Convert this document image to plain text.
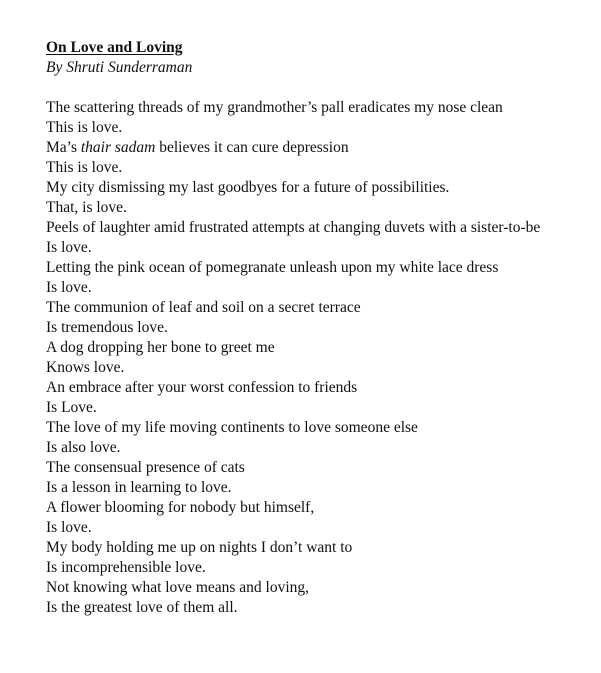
On Love and Loving

By Shruti Sunderraman

The scattering threads of my grandmother’s pall eradicates my nose clean

This is love.

Ma’s thair sadam believes it can cure depression

This is love.

My city dismissing my last goodbyes for a future of possibilities.

That, is love.

Peels of laughter amid frustrated attempts at changing duvets with a sister-to-be

Is love.

Letting the pink ocean of pomegranate unleash upon my white lace dress

Is love.

The communion of leaf and soil on a secret terrace

Is tremendous love.

A dog dropping her bone to greet me

Knows love.

An embrace after your worst confession to friends

Is Love.

The love of my life moving continents to love someone else

Is also love.

The consensual presence of cats

Is a lesson in learning to love.

A flower blooming for nobody but himself,

Is love.

My body holding me up on nights I don’t want to

Is incomprehensible love.

Not knowing what love means and loving,

Is the greatest love of them all.
